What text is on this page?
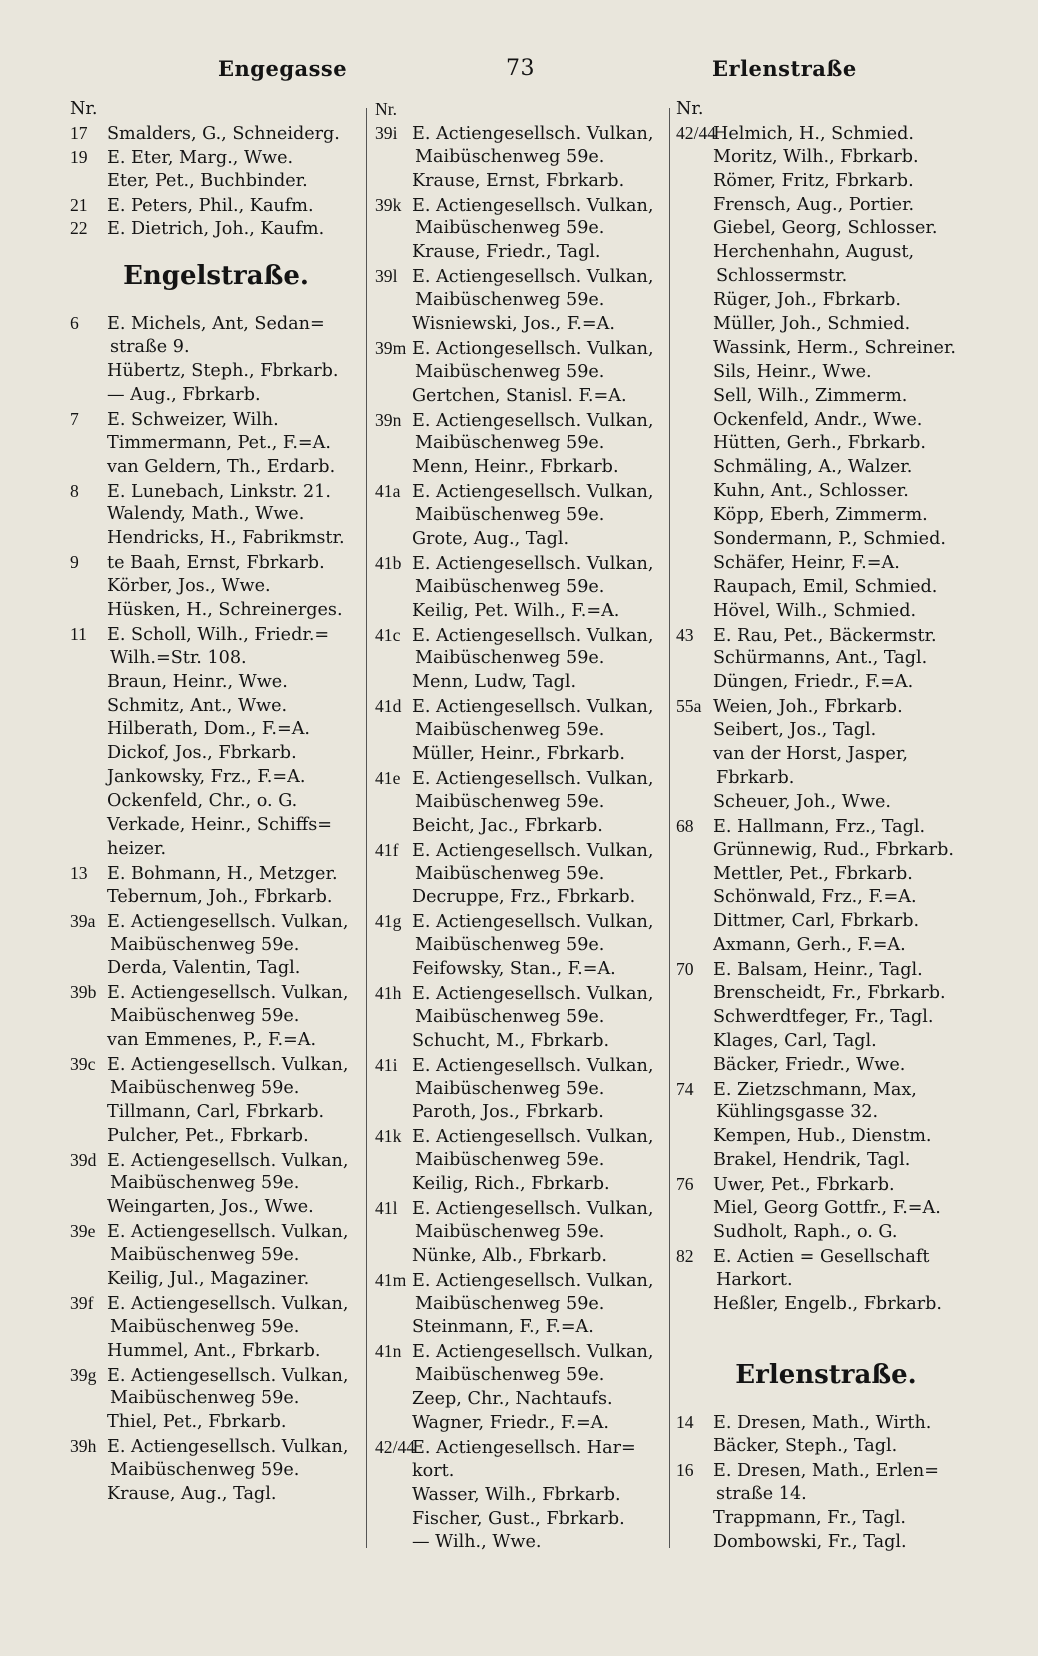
Engegasse	73	Erlenstraße
Nr.
17 Smalders, G., Schneiderg.
19 E. Eter, Marg., Wwe.
Eter, Pet., Buchbinder.
21 E. Peters, Phil., Kaufm.
22 E. Dietrich, Joh., Kaufm.
Engelstraße.
6 E. Michels, Ant, Sedan=
straße 9.
Hübertz, Steph., Fbrkarb.
— Aug., Fbrkarb.
7 E. Schweizer, Wilh.
Timmermann, Pet., F.=A.
van Geldern, Th., Erdarb.
8 E. Lunebach, Linkstr. 21.
Walendy, Math., Wwe.
Hendricks, H., Fabrikmstr.
9 te Baah, Ernst, Fbrkarb.
Körber, Jos., Wwe.
Hüsken, H., Schreinerges.
11 E. Scholl, Wilh., Friedr.=
Wilh.=Str. 108.
Braun, Heinr., Wwe.
Schmitz, Ant., Wwe.
Hilberath, Dom., F.=A.
Dickof, Jos., Fbrkarb.
Jankowsky, Frz., F.=A.
Ockenfeld, Chr., o. G.
Verkade, Heinr., Schiffs=
heizer.
13 E. Bohmann, H., Metzger.
Tebernum, Joh., Fbrkarb.
39a E. Actiengesellsch. Vulkan,
Maibüschenweg 59e.
Derda, Valentin, Tagl.
39b E. Actiengesellsch. Vulkan,
Maibüschenweg 59e.
van Emmenes, P., F.=A.
39c E. Actiengesellsch. Vulkan,
Maibüschenweg 59e.
Tillmann, Carl, Fbrkarb.
Pulcher, Pet., Fbrkarb.
39d E. Actiengesellsch. Vulkan,
Maibüschenweg 59e.
Weingarten, Jos., Wwe.
39e E. Actiengesellsch. Vulkan,
Maibüschenweg 59e.
Keilig, Jul., Magaziner.
39f E. Actiengesellsch. Vulkan,
Maibüschenweg 59e.
Hummel, Ant., Fbrkarb.
39g E. Actiengesellsch. Vulkan,
Maibüschenweg 59e.
Thiel, Pet., Fbrkarb.
39h E. Actiengesellsch. Vulkan,
Maibüschenweg 59e.
Krause, Aug., Tagl.
Nr.
39i E. Actiengesellsch. Vulkan,
Maibüschenweg 59e.
Krause, Ernst, Fbrkarb.
39k E. Actiengesellsch. Vulkan,
Maibüschenweg 59e.
Krause, Friedr., Tagl.
39l E. Actiengesellsch. Vulkan,
Maibüschenweg 59e.
Wisniewski, Jos., F.=A.
39m E. Actiongesellsch. Vulkan,
Maibüschenweg 59e.
Gertchen, Stanisl. F.=A.
39n E. Actiengesellsch. Vulkan,
Maibüschenweg 59e.
Menn, Heinr., Fbrkarb.
41a E. Actiengesellsch. Vulkan,
Maibüschenweg 59e.
Grote, Aug., Tagl.
41b E. Actiengesellsch. Vulkan,
Maibüschenweg 59e.
Keilig, Pet. Wilh., F.=A.
41c E. Actiengesellsch. Vulkan,
Maibüschenweg 59e.
Menn, Ludw, Tagl.
41d E. Actiengesellsch. Vulkan,
Maibüschenweg 59e.
Müller, Heinr., Fbrkarb.
41e E. Actiengesellsch. Vulkan,
Maibüschenweg 59e.
Beicht, Jac., Fbrkarb.
41f E. Actiengesellsch. Vulkan,
Maibüschenweg 59e.
Decruppe, Frz., Fbrkarb.
41g E. Actiengesellsch. Vulkan,
Maibüschenweg 59e.
Feifowsky, Stan., F.=A.
41h E. Actiengesellsch. Vulkan,
Maibüschenweg 59e.
Schucht, M., Fbrkarb.
41i E. Actiengesellsch. Vulkan,
Maibüschenweg 59e.
Paroth, Jos., Fbrkarb.
41k E. Actiengesellsch. Vulkan,
Maibüschenweg 59e.
Keilig, Rich., Fbrkarb.
41l E. Actiengesellsch. Vulkan,
Maibüschenweg 59e.
Nünke, Alb., Fbrkarb.
41m E. Actiengesellsch. Vulkan,
Maibüschenweg 59e.
Steinmann, F., F.=A.
41n E. Actiengesellsch. Vulkan,
Maibüschenweg 59e.
Zeep, Chr., Nachtaufs.
Wagner, Friedr., F.=A.
42/44E. Actiengesellsch. Har=
kort.
Wasser, Wilh., Fbrkarb.
Fischer, Gust., Fbrkarb.
— Wilh., Wwe.
Nr.
42/44Helmich, H., Schmied.
Moritz, Wilh., Fbrkarb.
Römer, Fritz, Fbrkarb.
Frensch, Aug., Portier.
Giebel, Georg, Schlosser.
Herchenhahn, August,
Schlossermstr.
Rüger, Joh., Fbrkarb.
Müller, Joh., Schmied.
Wassink, Herm., Schreiner.
Sils, Heinr., Wwe.
Sell, Wilh., Zimmerm.
Ockenfeld, Andr., Wwe.
Hütten, Gerh., Fbrkarb.
Schmäling, A., Walzer.
Kuhn, Ant., Schlosser.
Köpp, Eberh, Zimmerm.
Sondermann, P., Schmied.
Schäfer, Heinr, F.=A.
Raupach, Emil, Schmied.
Hövel, Wilh., Schmied.
43 E. Rau, Pet., Bäckermstr.
Schürmanns, Ant., Tagl.
Düngen, Friedr., F.=A.
55a Weien, Joh., Fbrkarb.
Seibert, Jos., Tagl.
van der Horst, Jasper,
Fbrkarb.
Scheuer, Joh., Wwe.
68 E. Hallmann, Frz., Tagl.
Grünnewig, Rud., Fbrkarb.
Mettler, Pet., Fbrkarb.
Schönwald, Frz., F.=A.
Dittmer, Carl, Fbrkarb.
Axmann, Gerh., F.=A.
70 E. Balsam, Heinr., Tagl.
Brenscheidt, Fr., Fbrkarb.
Schwerdtfeger, Fr., Tagl.
Klages, Carl, Tagl.
Bäcker, Friedr., Wwe.
74 E. Zietzschmann, Max,
Kühlingsgasse 32.
Kempen, Hub., Dienstm.
Brakel, Hendrik, Tagl.
76 Uwer, Pet., Fbrkarb.
Miel, Georg Gottfr., F.=A.
Sudholt, Raph., o. G.
82 E. Actien = Gesellschaft
Harkort.
Heßler, Engelb., Fbrkarb.
Erlenstraße.
14 E. Dresen, Math., Wirth.
Bäcker, Steph., Tagl.
16 E. Dresen, Math., Erlen=
straße 14.
Trappmann, Fr., Tagl.
Dombowski, Fr., Tagl.
